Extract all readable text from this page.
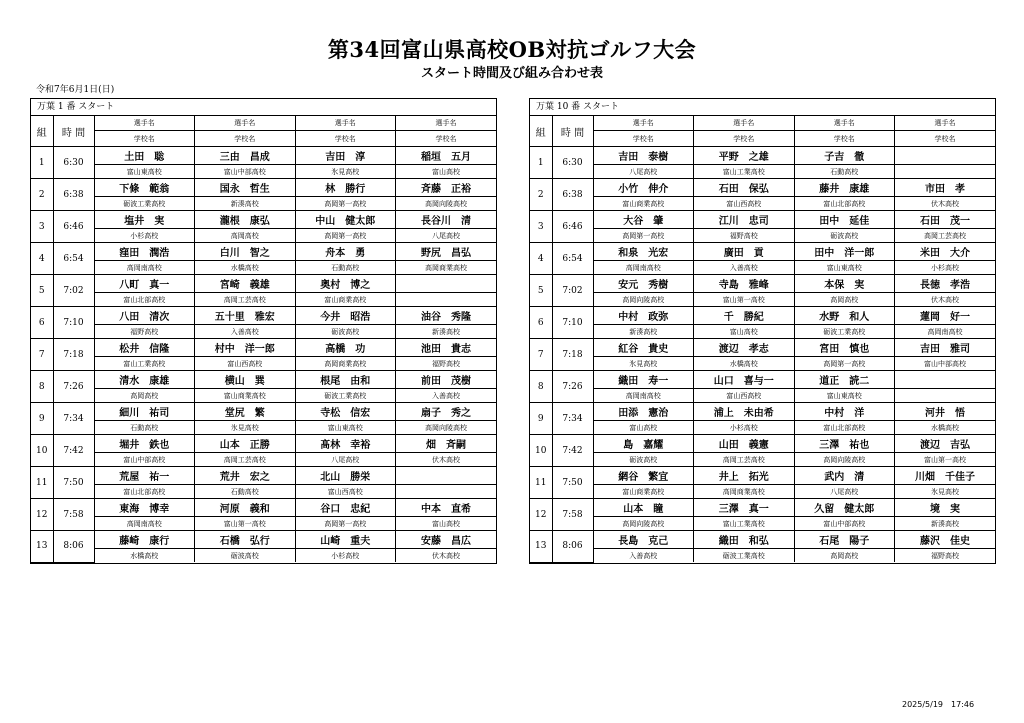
第34回富山県高校OB対抗ゴルフ大会
スタート時間及び組み合わせ表
令和7年6月1日(日)
万葉 1 番 スタート
組	時 間	選手名	選手名	選手名	選手名
		学校名	学校名	学校名	学校名
1	6:30	土田　聡	三由　昌成	吉田　淳	稲垣　五月
		富山東高校	富山中部高校	氷見高校	富山高校
2	6:38	下條　範翁	国永　哲生	林　勝行	斉藤　正裕
		砺波工業高校	新湊高校	高岡第一高校	高岡向陵高校
3	6:46	塩井　実	瀧根　康弘	中山　健太郎	長谷川　清
		小杉高校	高岡高校	高岡第一高校	八尾高校
4	6:54	窪田　潤浩	白川　智之	舟本　勇	野尻　昌弘
		高岡南高校	水橋高校	石動高校	高岡商業高校
5	7:02	八町　真一	宮崎　義雄	奥村　博之	
		富山北部高校	高岡工芸高校	富山商業高校	
6	7:10	八田　清次	五十里　雅宏	今井　昭浩	油谷　秀隆
		福野高校	入善高校	砺波高校	新湊高校
7	7:18	松井　信隆	村中　洋一郎	高橋　功	池田　貴志
		富山工業高校	富山西高校	高岡商業高校	福野高校
8	7:26	清水　康雄	横山　巽	根尾　由和	前田　茂樹
		高岡高校	富山商業高校	砺波工業高校	入善高校
9	7:34	細川　祐司	堂尻　繁	寺松　信宏	扇子　秀之
		石動高校	氷見高校	富山東高校	高岡向陵高校
10	7:42	堀井　鉄也	山本　正勝	髙林　幸裕	畑　斉嗣
		富山中部高校	高岡工芸高校	八尾高校	伏木高校
11	7:50	荒屋　祐一	荒井　宏之	北山　勝栄	
		富山北部高校	石動高校	富山西高校	
12	7:58	東海　博幸	河原　義和	谷口　忠紀	中本　直希
		高岡南高校	富山第一高校	高岡第一高校	富山高校
13	8:06	藤崎　康行	石橋　弘行	山崎　重夫	安藤　昌広
		水橋高校	砺波高校	小杉高校	伏木高校
万葉 10 番 スタート
組	時 間	選手名	選手名	選手名	選手名
		学校名	学校名	学校名	学校名
1	6:30	吉田　泰樹	平野　之雄	子吉　徹	
		八尾高校	富山工業高校	石動高校	
2	6:38	小竹　伸介	石田　保弘	藤井　康雄	市田　孝
		富山商業高校	富山西高校	富山北部高校	伏木高校
3	6:46	大谷　肇	江川　忠司	田中　延佳	石田　茂一
		高岡第一高校	福野高校	砺波高校	高岡工芸高校
4	6:54	和泉　光宏	廣田　貢	田中　洋一郎	米田　大介
		高岡南高校	入善高校	富山東高校	小杉高校
5	7:02	安元　秀樹	寺島　雅峰	本保　実	長徳　孝浩
		高岡向陵高校	富山第一高校	高岡高校	伏木高校
6	7:10	中村　政弥	千　勝紀	水野　和人	蓮岡　好一
		新湊高校	富山高校	砺波工業高校	高岡南高校
7	7:18	紅谷　貴史	渡辺　孝志	宮田　慎也	吉田　雅司
		氷見高校	水橋高校	高岡第一高校	富山中部高校
8	7:26	織田　寿一	山口　喜与一	道正　読二	
		高岡南高校	富山西高校	富山東高校	
9	7:34	田添　憲治	浦上　未由希	中村　洋	河井　悟
		富山高校	小杉高校	富山北部高校	水橋高校
10	7:42	島　嘉耀	山田　義憲	三澤　祐也	渡辺　吉弘
		砺波高校	高岡工芸高校	高岡向陵高校	富山第一高校
11	7:50	網谷　繁宜	井上　拓光	武内　清	川畑　千佳子
		富山商業高校	高岡商業高校	八尾高校	氷見高校
12	7:58	山本　瞳	三澤　真一	久留　健太郎	境　実
		高岡向陵高校	富山工業高校	富山中部高校	新湊高校
13	8:06	長島　克己	織田　和弘	石尾　陽子	藤沢　佳史
		入善高校	砺波工業高校	高岡高校	福野高校
2025/5/19　17:46
